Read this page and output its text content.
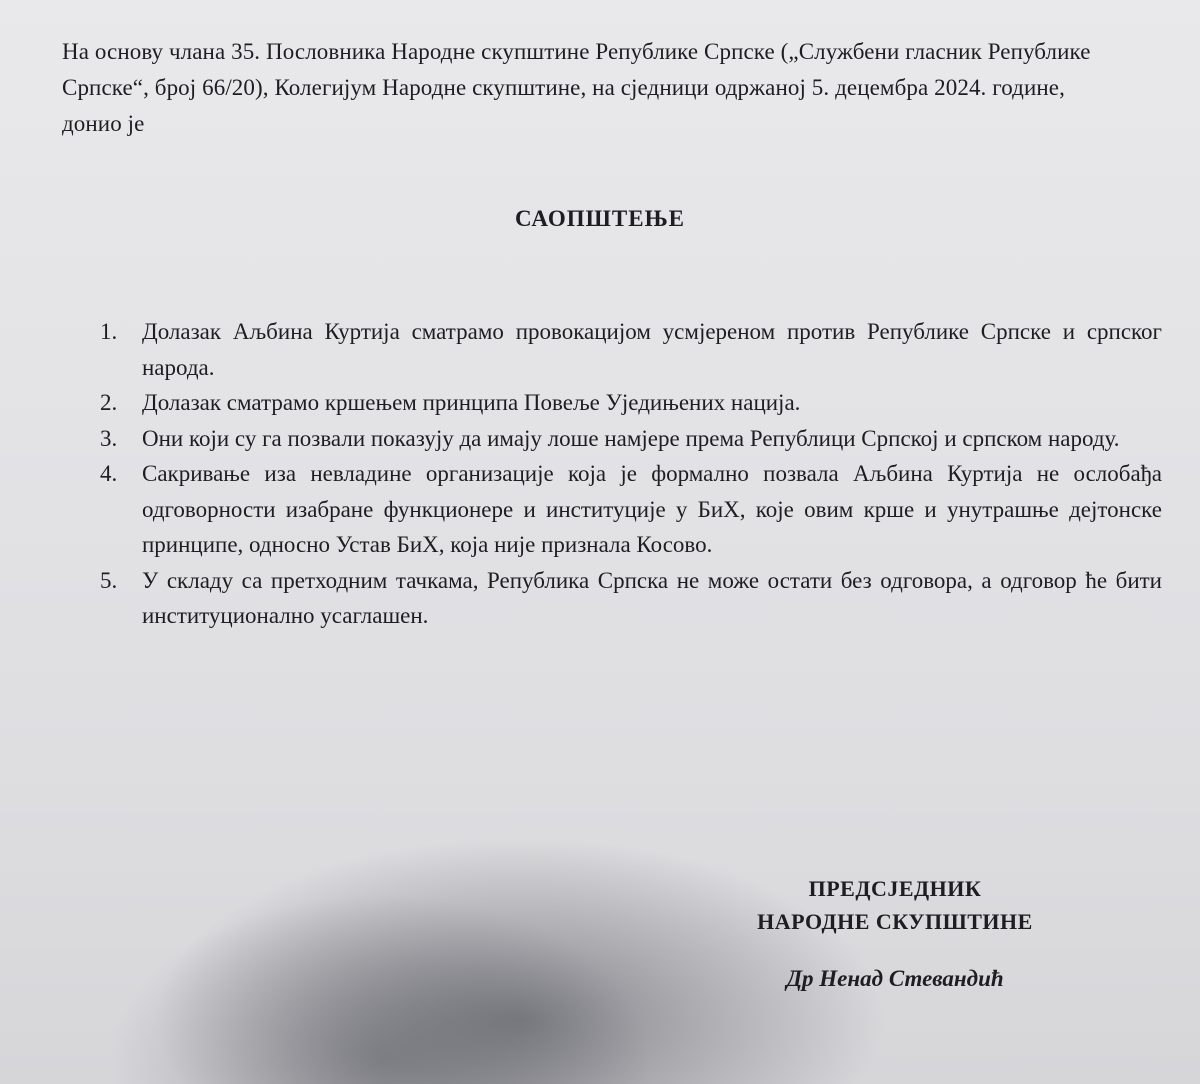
На основу члана 35. Пословника Народне скупштине Републике Српске („Службени гласник Републике Српске“, број 66/20), Колегијум Народне скупштине, на сједници одржаној 5. децембра 2024. године, донио је

САОПШТЕЊЕ
1. Долазак Аљбина Куртија сматрамо провокацијом усмјереном против Републике Српске и српског народа.
2. Долазак сматрамо кршењем принципа Повеље Уједињених нација.
3. Они који су га позвали показују да имају лоше намјере према Републици Српској и српском народу.
4. Сакривање иза невладине организације која је формално позвала Аљбина Куртија не ослобађа одговорности изабране функционере и институције у БиХ, које овим крше и унутрашње дејтонске принципе, односно Устав БиХ, која није признала Косово.
5. У складу са претходним тачкама, Република Српска не може остати без одговора, а одговор ће бити институционално усаглашен.
ПРЕДСЈЕДНИК
НАРОДНЕ СКУПШТИНЕ
Др Ненад Стевандић
